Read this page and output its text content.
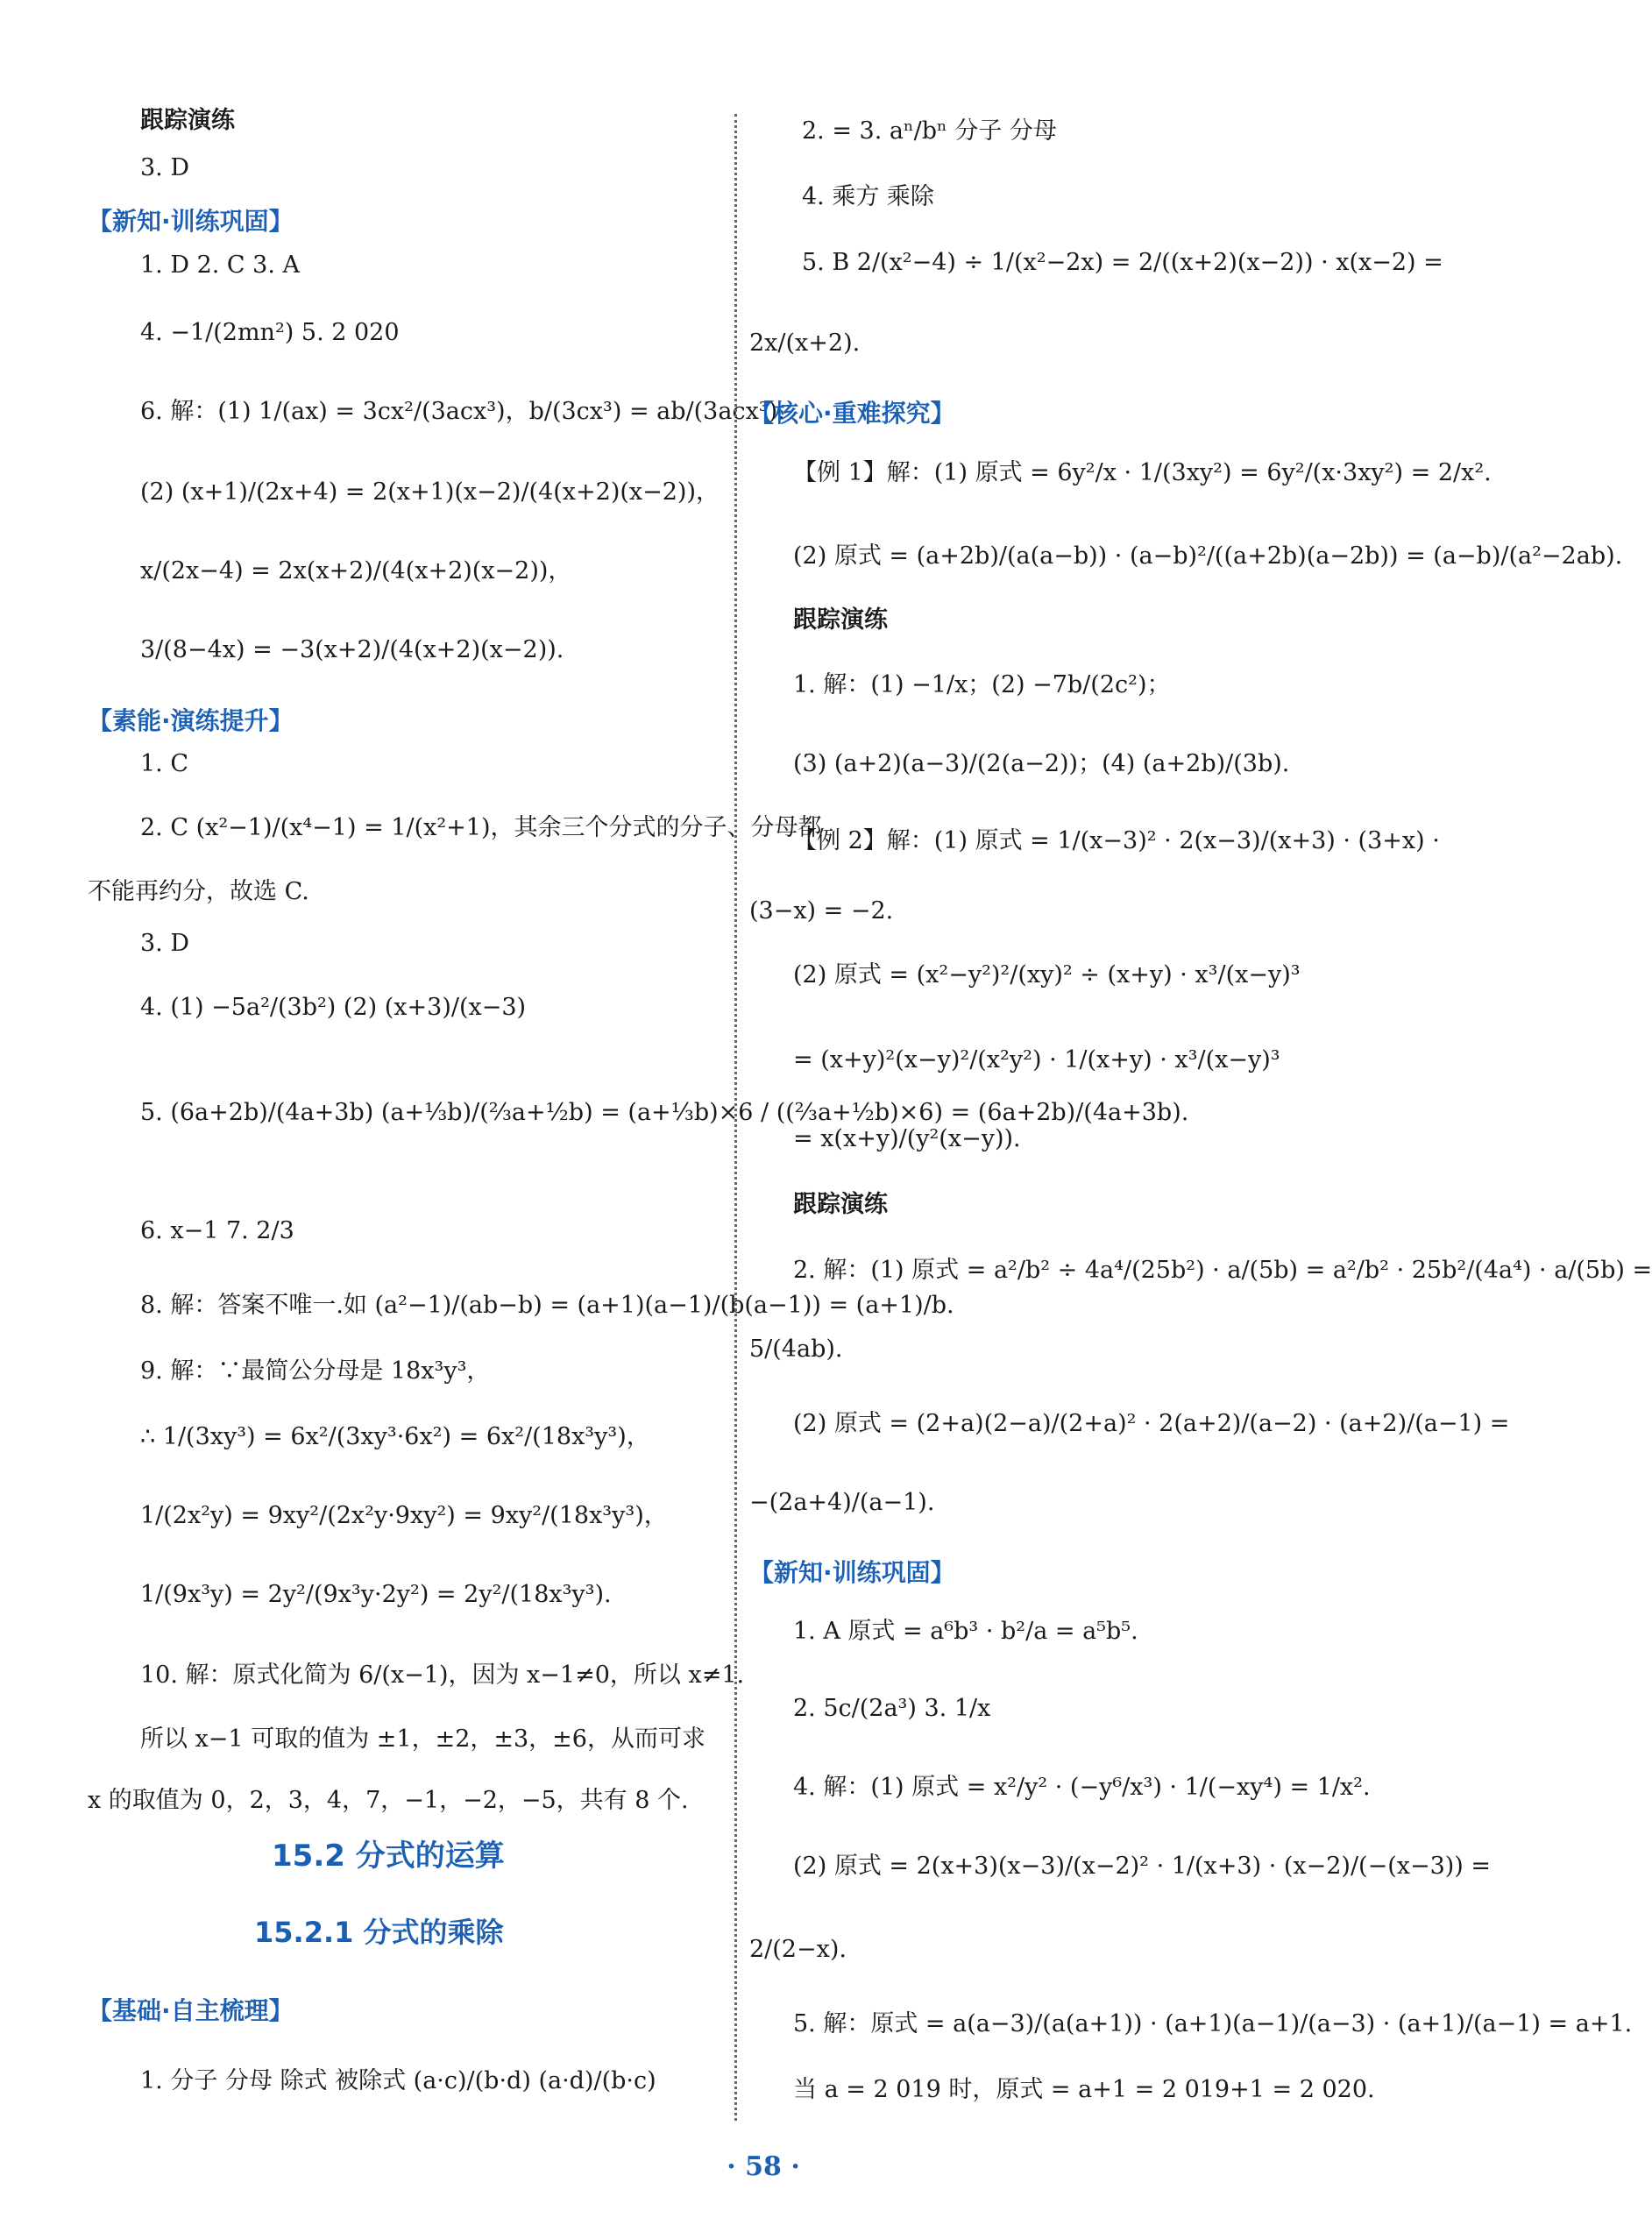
跟踪演练
3. D
【新知·训练巩固】
1. D 2. C 3. A
4. −1/(2mn²) 5. 2 020
6. 解：(1) 1/(ax) = 3cx²/(3acx³)，b/(3cx³) = ab/(3acx³).
(2) (x+1)/(2x+4) = 2(x+1)(x−2)/(4(x+2)(x−2))，
x/(2x−4) = 2x(x+2)/(4(x+2)(x−2))，
3/(8−4x) = −3(x+2)/(4(x+2)(x−2)).
【素能·演练提升】
1. C
2. C (x²−1)/(x⁴−1) = 1/(x²+1)，其余三个分式的分子、分母都
不能再约分，故选 C.
3. D
4. (1) −5a²/(3b²) (2) (x+3)/(x−3)
5. (6a+2b)/(4a+3b) (a+⅓b)/(⅔a+½b) = (a+⅓b)×6 / ((⅔a+½b)×6) = (6a+2b)/(4a+3b).
6. x−1 7. 2/3
8. 解：答案不唯一.如 (a²−1)/(ab−b) = (a+1)(a−1)/(b(a−1)) = (a+1)/b.
9. 解：∵最简公分母是 18x³y³，
∴ 1/(3xy³) = 6x²/(3xy³·6x²) = 6x²/(18x³y³)，
1/(2x²y) = 9xy²/(2x²y·9xy²) = 9xy²/(18x³y³)，
1/(9x³y) = 2y²/(9x³y·2y²) = 2y²/(18x³y³).
10. 解：原式化简为 6/(x−1)，因为 x−1≠0，所以 x≠1.
所以 x−1 可取的值为 ±1，±2，±3，±6，从而可求
x 的取值为 0，2，3，4，7，−1，−2，−5，共有 8 个.
【基础·自主梳理】
1. 分子 分母 除式 被除式 (a·c)/(b·d) (a·d)/(b·c)
15.2 分式的运算
15.2.1 分式的乘除
2. = 3. aⁿ/bⁿ 分子 分母
4. 乘方 乘除
5. B 2/(x²−4) ÷ 1/(x²−2x) = 2/((x+2)(x−2)) · x(x−2) =
2x/(x+2).
【核心·重难探究】
【例 1】解：(1) 原式 = 6y²/x · 1/(3xy²) = 6y²/(x·3xy²) = 2/x².
(2) 原式 = (a+2b)/(a(a−b)) · (a−b)²/((a+2b)(a−2b)) = (a−b)/(a²−2ab).
跟踪演练
1. 解：(1) −1/x；(2) −7b/(2c²)；
(3) (a+2)(a−3)/(2(a−2))；(4) (a+2b)/(3b).
【例 2】解：(1) 原式 = 1/(x−3)² · 2(x−3)/(x+3) · (3+x) ·
(3−x) = −2.
(2) 原式 = (x²−y²)²/(xy)² ÷ (x+y) · x³/(x−y)³
= (x+y)²(x−y)²/(x²y²) · 1/(x+y) · x³/(x−y)³
= x(x+y)/(y²(x−y)).
跟踪演练
2. 解：(1) 原式 = a²/b² ÷ 4a⁴/(25b²) · a/(5b) = a²/b² · 25b²/(4a⁴) · a/(5b) =
5/(4ab).
(2) 原式 = (2+a)(2−a)/(2+a)² · 2(a+2)/(a−2) · (a+2)/(a−1) =
−(2a+4)/(a−1).
【新知·训练巩固】
1. A 原式 = a⁶b³ · b²/a = a⁵b⁵.
2. 5c/(2a³) 3. 1/x
4. 解：(1) 原式 = x²/y² · (−y⁶/x³) · 1/(−xy⁴) = 1/x².
(2) 原式 = 2(x+3)(x−3)/(x−2)² · 1/(x+3) · (x−2)/(−(x−3)) =
2/(2−x).
5. 解：原式 = a(a−3)/(a(a+1)) · (a+1)(a−1)/(a−3) · (a+1)/(a−1) = a+1.
当 a = 2 019 时，原式 = a+1 = 2 019+1 = 2 020.
· 58 ·
